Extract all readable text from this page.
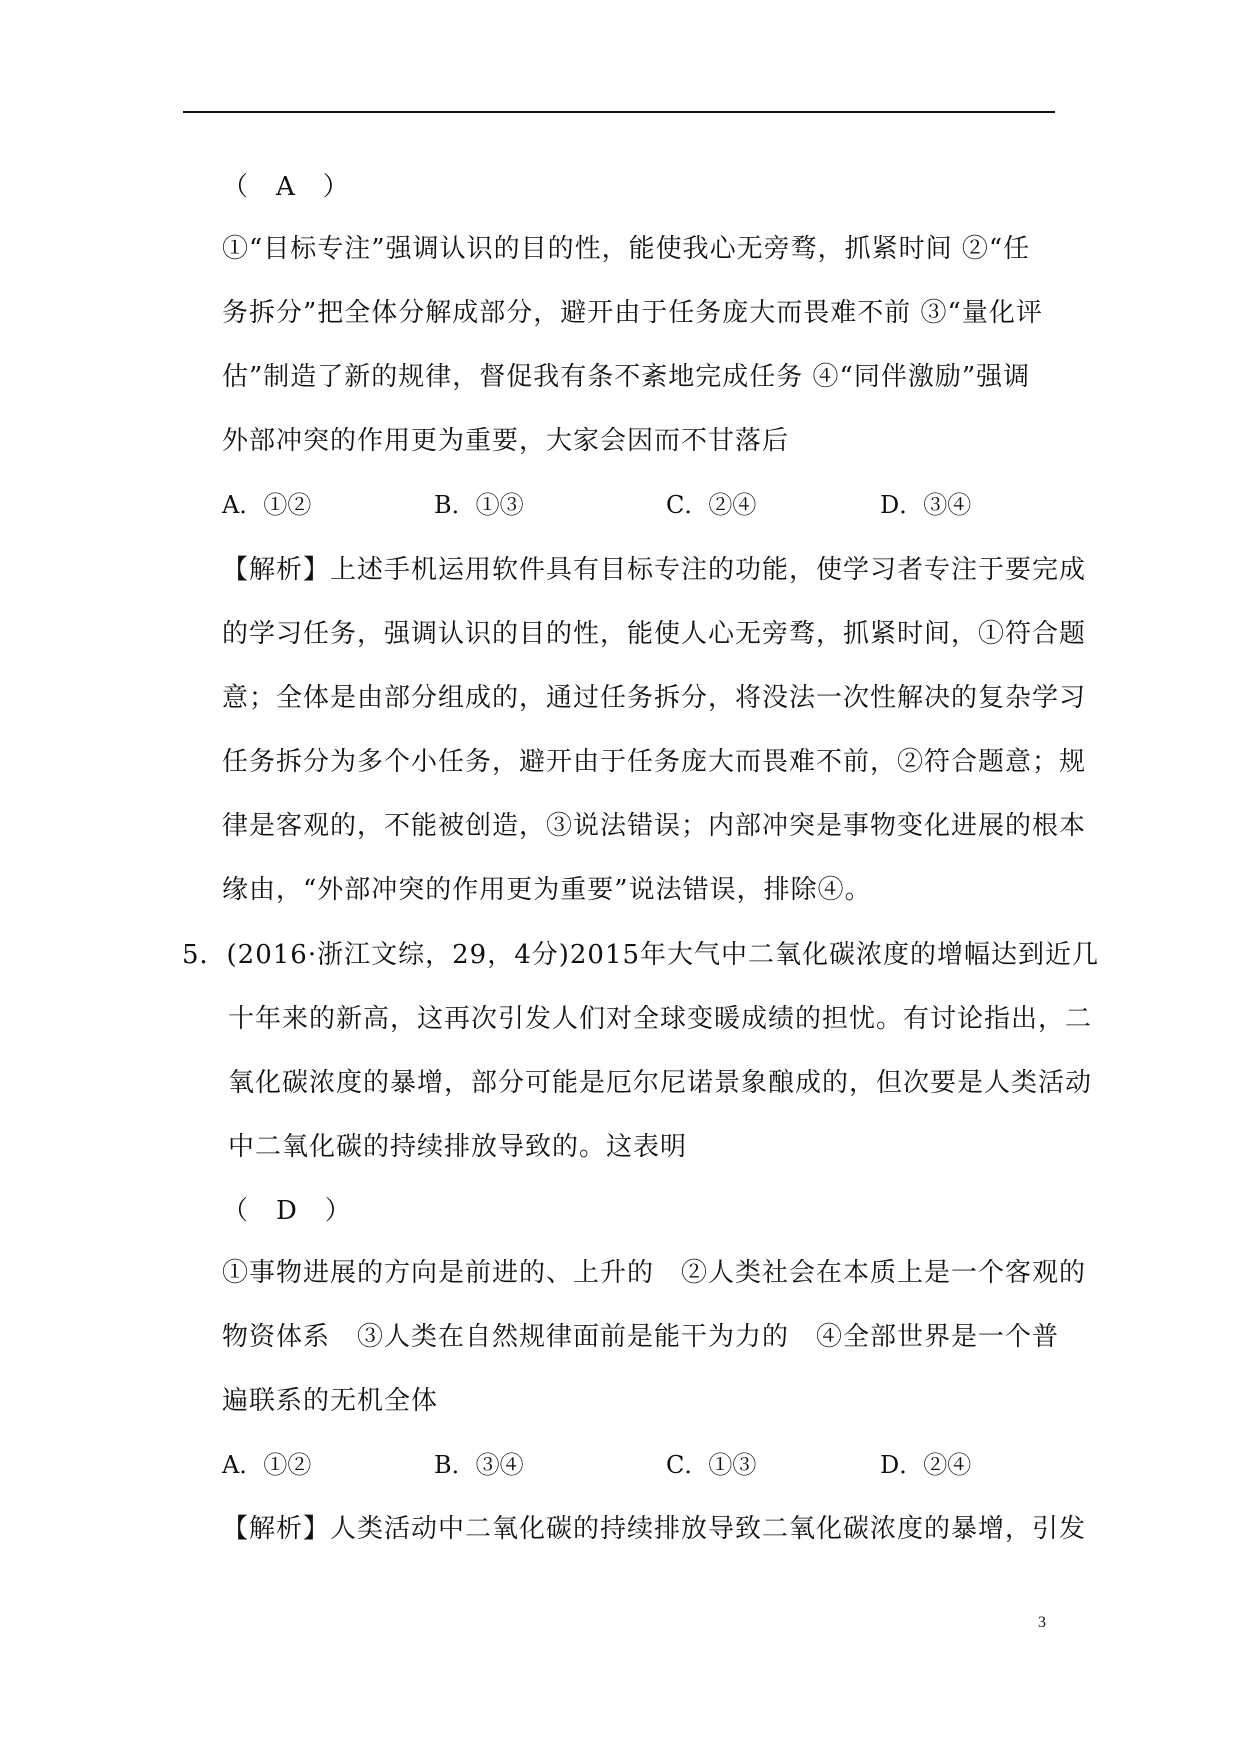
（　A　）
①“目标专注”强调认识的目的性，能使我心无旁骛，抓紧时间 ②“任
务拆分”把全体分解成部分，避开由于任务庞大而畏难不前 ③“量化评
估”制造了新的规律，督促我有条不紊地完成任务 ④“同伴激励”强调
外部冲突的作用更为重要，大家会因而不甘落后
A．①②	B．①③	C．②④	D．③④
【解析】上述手机运用软件具有目标专注的功能，使学习者专注于要完成
的学习任务，强调认识的目的性，能使人心无旁骛，抓紧时间，①符合题
意；全体是由部分组成的，通过任务拆分，将没法一次性解决的复杂学习
任务拆分为多个小任务，避开由于任务庞大而畏难不前，②符合题意；规
律是客观的，不能被创造，③说法错误；内部冲突是事物变化进展的根本
缘由，“外部冲突的作用更为重要”说法错误，排除④。
5．(2016·浙江文综，29，4分)2015年大气中二氧化碳浓度的增幅达到近几
十年来的新高，这再次引发人们对全球变暖成绩的担忧。有讨论指出，二
氧化碳浓度的暴增，部分可能是厄尔尼诺景象酿成的，但次要是人类活动
中二氧化碳的持续排放导致的。这表明
（　D　）
①事物进展的方向是前进的、上升的　②人类社会在本质上是一个客观的
物资体系　③人类在自然规律面前是能干为力的　④全部世界是一个普
遍联系的无机全体
A．①②	B．③④	C．①③	D．②④
【解析】人类活动中二氧化碳的持续排放导致二氧化碳浓度的暴增，引发
3
